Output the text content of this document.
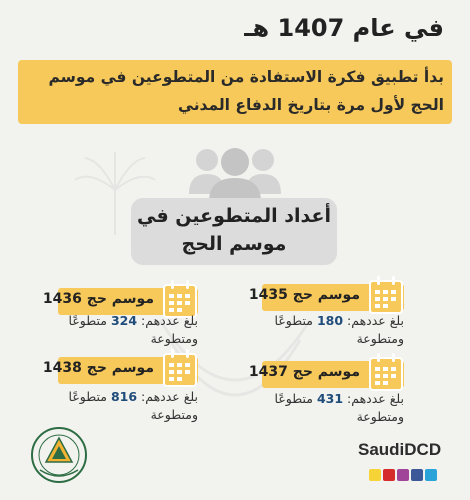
في عام 1407 هـ
بدأ تطبيق فكرة الاستفادة من المتطوعين في موسم
الحج لأول مرة بتاريخ الدفاع المدني
أعداد المتطوعين في
موسم الحج
موسم حج 1435
بلغ عددهم: 180 متطوعًا
ومتطوعة
موسم حج 1436
بلغ عددهم: 324 متطوعًا
ومتطوعة
موسم حج 1437
بلغ عددهم: 431 متطوعًا
ومتطوعة
موسم حج 1438
بلغ عددهم: 816 متطوعًا
ومتطوعة
SaudiDCD
